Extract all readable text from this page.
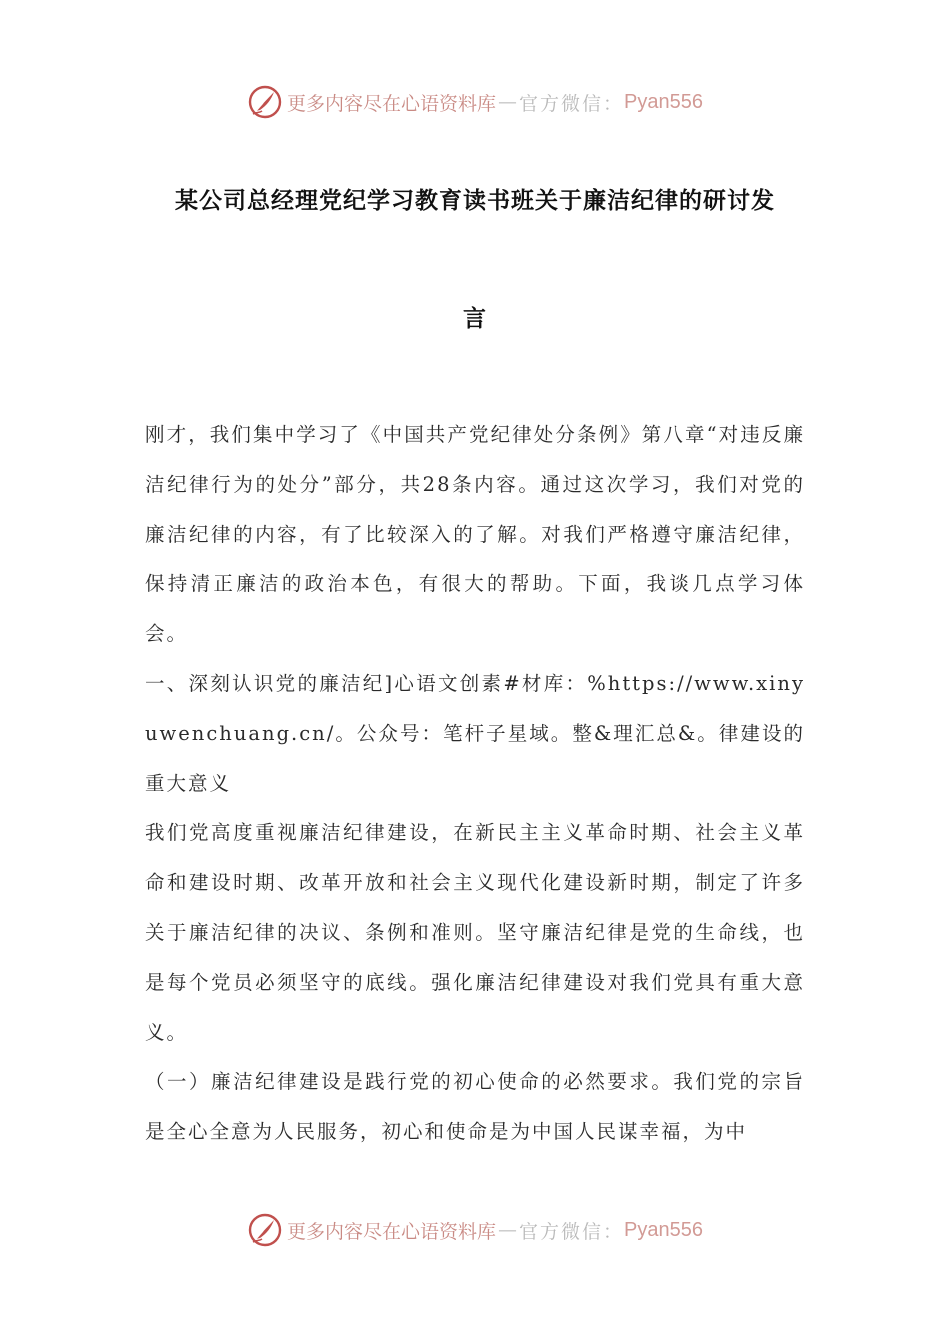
更多内容尽在心语资料库 — 官方微信： Pyan556
某公司总经理党纪学习教育读书班关于廉洁纪律的研讨发
言

刚才，我们集中学习了《中国共产党纪律处分条例》第八章“对违反廉洁纪律行为的处分”部分，共28条内容。通过这次学习，我们对党的廉洁纪律的内容，有了比较深入的了解。对我们严格遵守廉洁纪律，保持清正廉洁的政治本色，有很大的帮助。下面，我谈几点学习体会。

一、深刻认识党的廉洁纪]心语文创素#材库：%https://www.xinyuwenchuang.cn/。公众号：笔杆子星域。整&理汇总&。律建设的重大意义

我们党高度重视廉洁纪律建设，在新民主主义革命时期、社会主义革命和建设时期、改革开放和社会主义现代化建设新时期，制定了许多关于廉洁纪律的决议、条例和准则。坚守廉洁纪律是党的生命线，也是每个党员必须坚守的底线。强化廉洁纪律建设对我们党具有重大意义。

（一）廉洁纪律建设是践行党的初心使命的必然要求。我们党的宗旨是全心全意为人民服务，初心和使命是为中国人民谋幸福，为中

更多内容尽在心语资料库 — 官方微信： Pyan556
